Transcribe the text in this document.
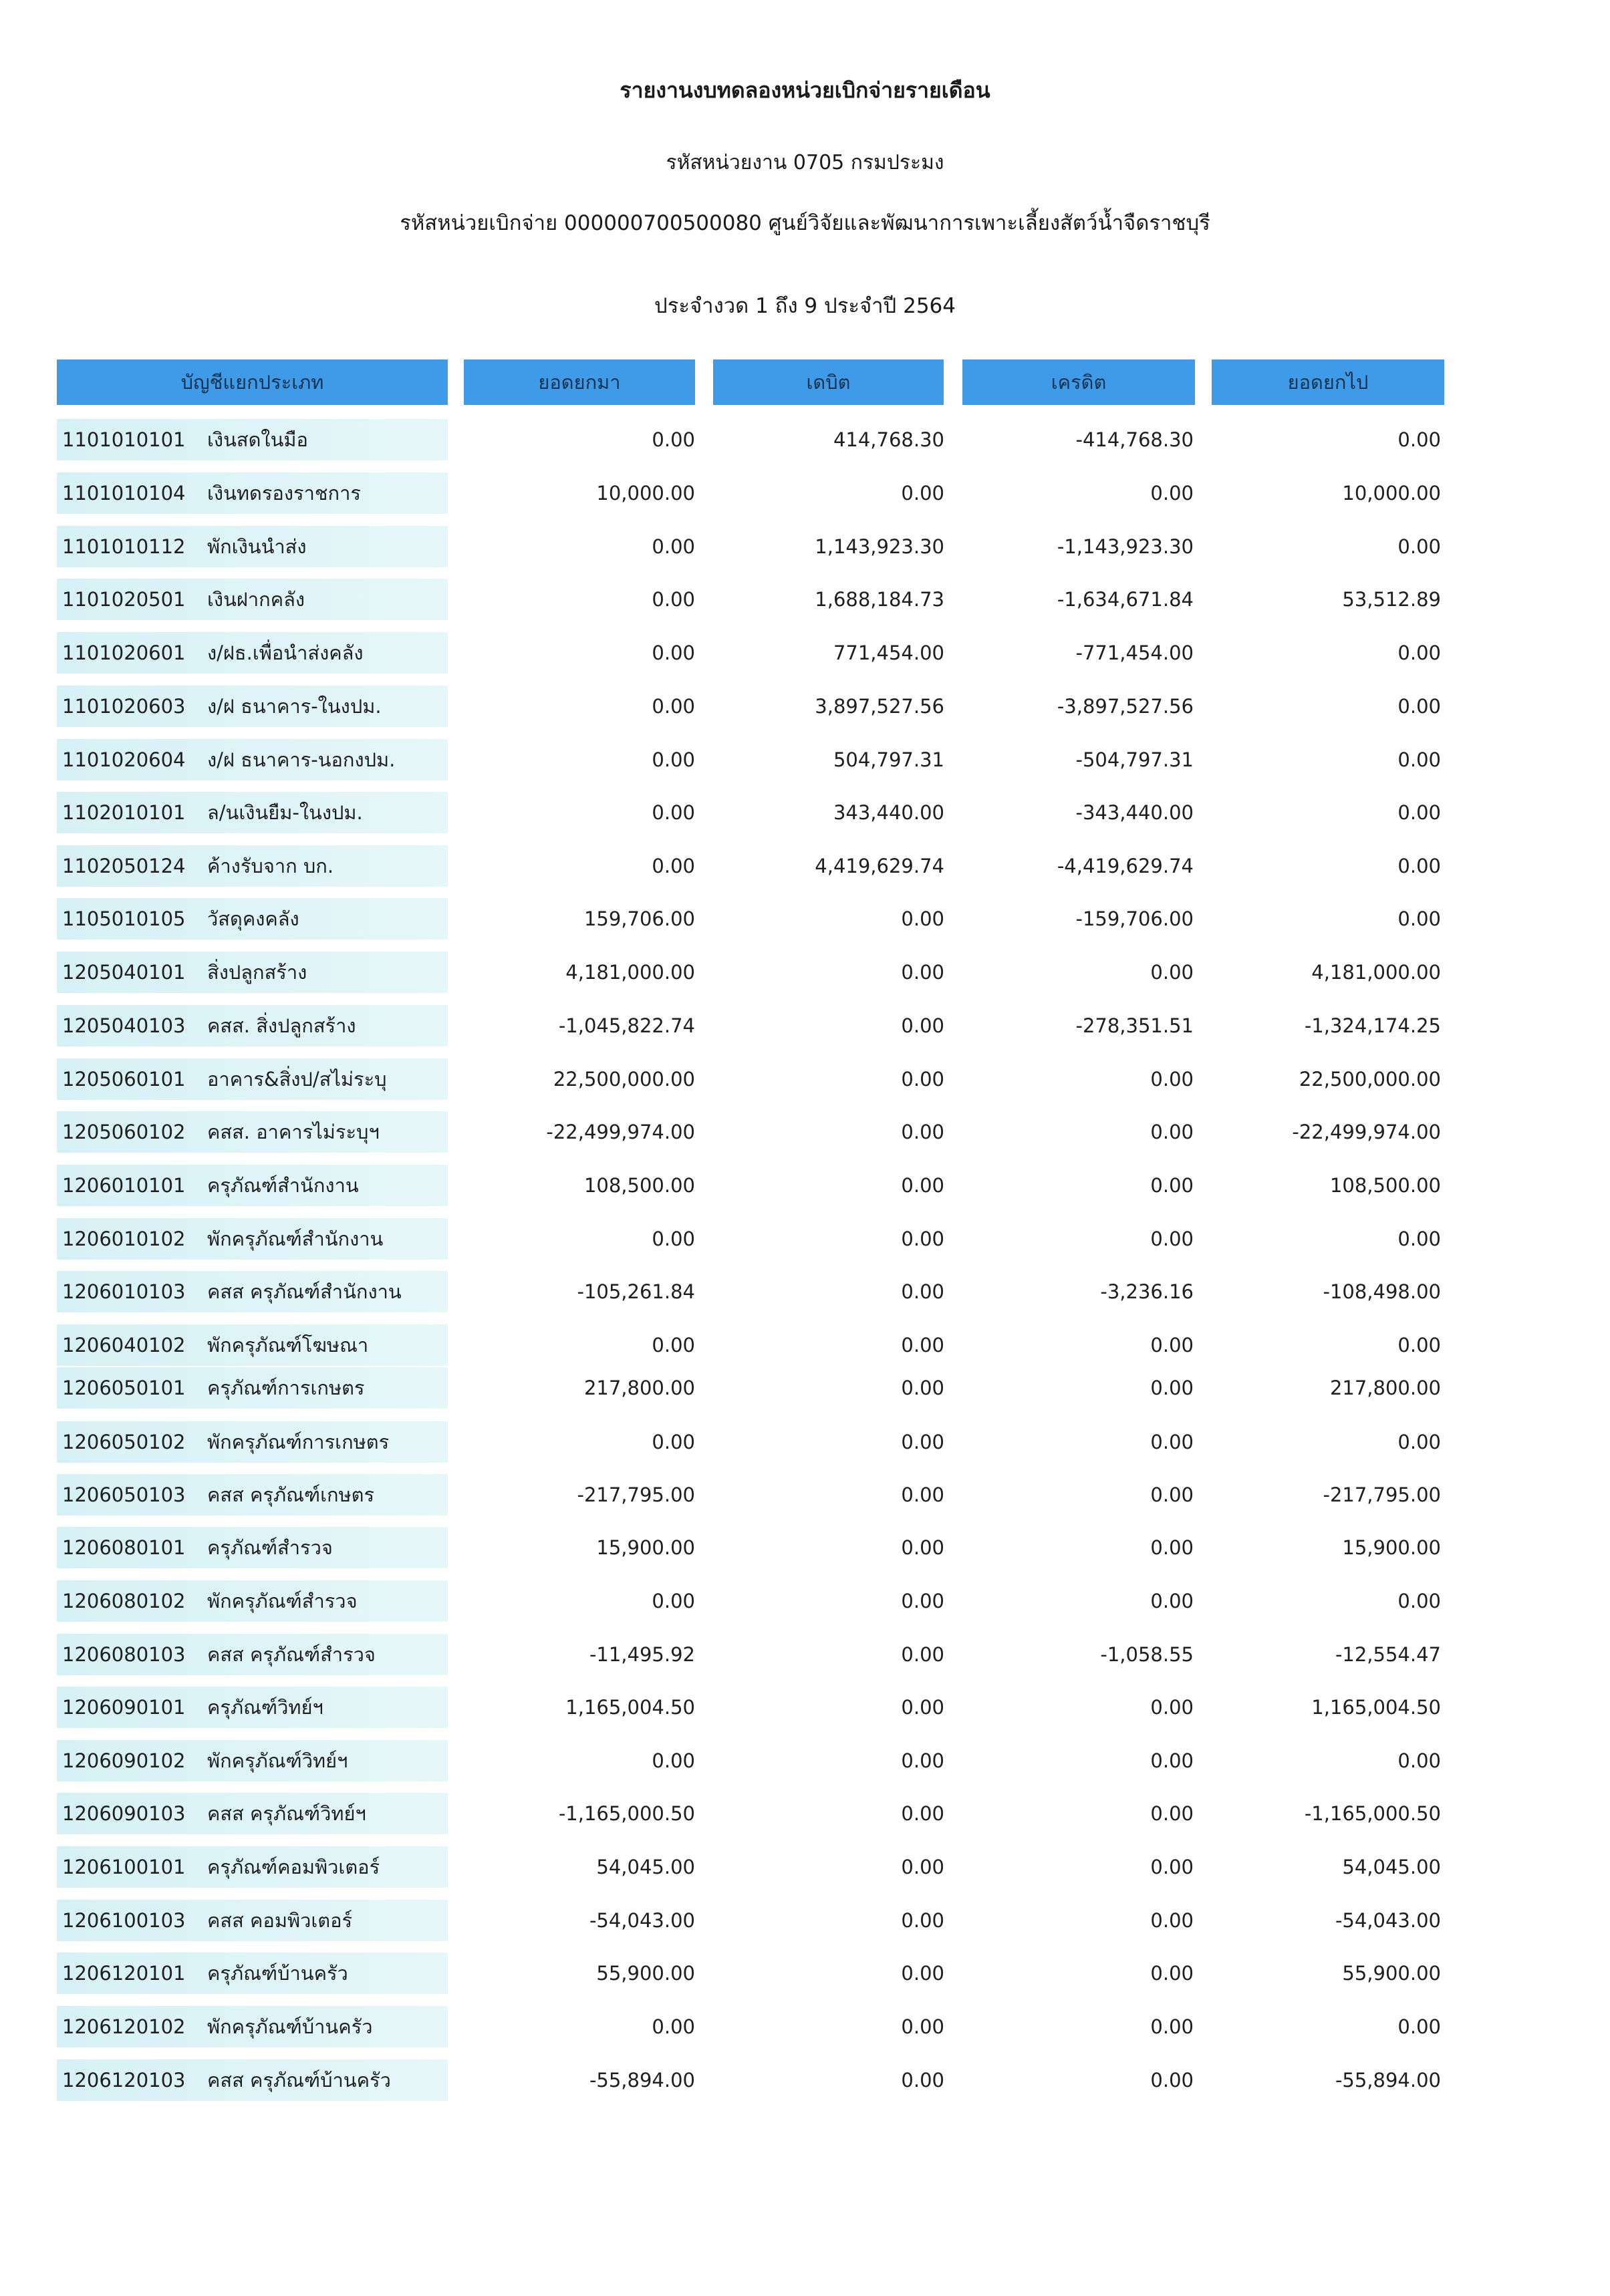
รายงานงบทดลองหน่วยเบิกจ่ายรายเดือน
รหัสหน่วยงาน 0705 กรมประมง
รหัสหน่วยเบิกจ่าย 000000700500080 ศูนย์วิจัยและพัฒนาการเพาะเลี้ยงสัตว์น้ำจืดราชบุรี
ประจำงวด 1 ถึง 9 ประจำปี 2564
บัญชีแยกประเภท	ยอดยกมา	เดบิต	เครดิต	ยอดยกไป
1101010101 เงินสดในมือ	0.00	414,768.30	-414,768.30	0.00
1101010104 เงินทดรองราชการ	10,000.00	0.00	0.00	10,000.00
1101010112 พักเงินนำส่ง	0.00	1,143,923.30	-1,143,923.30	0.00
1101020501 เงินฝากคลัง	0.00	1,688,184.73	-1,634,671.84	53,512.89
1101020601 ง/ฝธ.เพื่อนำส่งคลัง	0.00	771,454.00	-771,454.00	0.00
1101020603 ง/ฝ ธนาคาร-ในงปม.	0.00	3,897,527.56	-3,897,527.56	0.00
1101020604 ง/ฝ ธนาคาร-นอกงปม.	0.00	504,797.31	-504,797.31	0.00
1102010101 ล/นเงินยืม-ในงปม.	0.00	343,440.00	-343,440.00	0.00
1102050124 ค้างรับจาก บก.	0.00	4,419,629.74	-4,419,629.74	0.00
1105010105 วัสดุคงคลัง	159,706.00	0.00	-159,706.00	0.00
1205040101 สิ่งปลูกสร้าง	4,181,000.00	0.00	0.00	4,181,000.00
1205040103 คสส. สิ่งปลูกสร้าง	-1,045,822.74	0.00	-278,351.51	-1,324,174.25
1205060101 อาคาร&สิ่งป/สไม่ระบุ	22,500,000.00	0.00	0.00	22,500,000.00
1205060102 คสส. อาคารไม่ระบุฯ	-22,499,974.00	0.00	0.00	-22,499,974.00
1206010101 ครุภัณฑ์สำนักงาน	108,500.00	0.00	0.00	108,500.00
1206010102 พักครุภัณฑ์สำนักงาน	0.00	0.00	0.00	0.00
1206010103 คสส ครุภัณฑ์สำนักงาน	-105,261.84	0.00	-3,236.16	-108,498.00
1206040102 พักครุภัณฑ์โฆษณา	0.00	0.00	0.00	0.00
1206050101 ครุภัณฑ์การเกษตร	217,800.00	0.00	0.00	217,800.00
1206050102 พักครุภัณฑ์การเกษตร	0.00	0.00	0.00	0.00
1206050103 คสส ครุภัณฑ์เกษตร	-217,795.00	0.00	0.00	-217,795.00
1206080101 ครุภัณฑ์สำรวจ	15,900.00	0.00	0.00	15,900.00
1206080102 พักครุภัณฑ์สำรวจ	0.00	0.00	0.00	0.00
1206080103 คสส ครุภัณฑ์สำรวจ	-11,495.92	0.00	-1,058.55	-12,554.47
1206090101 ครุภัณฑ์วิทย์ฯ	1,165,004.50	0.00	0.00	1,165,004.50
1206090102 พักครุภัณฑ์วิทย์ฯ	0.00	0.00	0.00	0.00
1206090103 คสส ครุภัณฑ์วิทย์ฯ	-1,165,000.50	0.00	0.00	-1,165,000.50
1206100101 ครุภัณฑ์คอมพิวเตอร์	54,045.00	0.00	0.00	54,045.00
1206100103 คสส คอมพิวเตอร์	-54,043.00	0.00	0.00	-54,043.00
1206120101 ครุภัณฑ์บ้านครัว	55,900.00	0.00	0.00	55,900.00
1206120102 พักครุภัณฑ์บ้านครัว	0.00	0.00	0.00	0.00
1206120103 คสส ครุภัณฑ์บ้านครัว	-55,894.00	0.00	0.00	-55,894.00
